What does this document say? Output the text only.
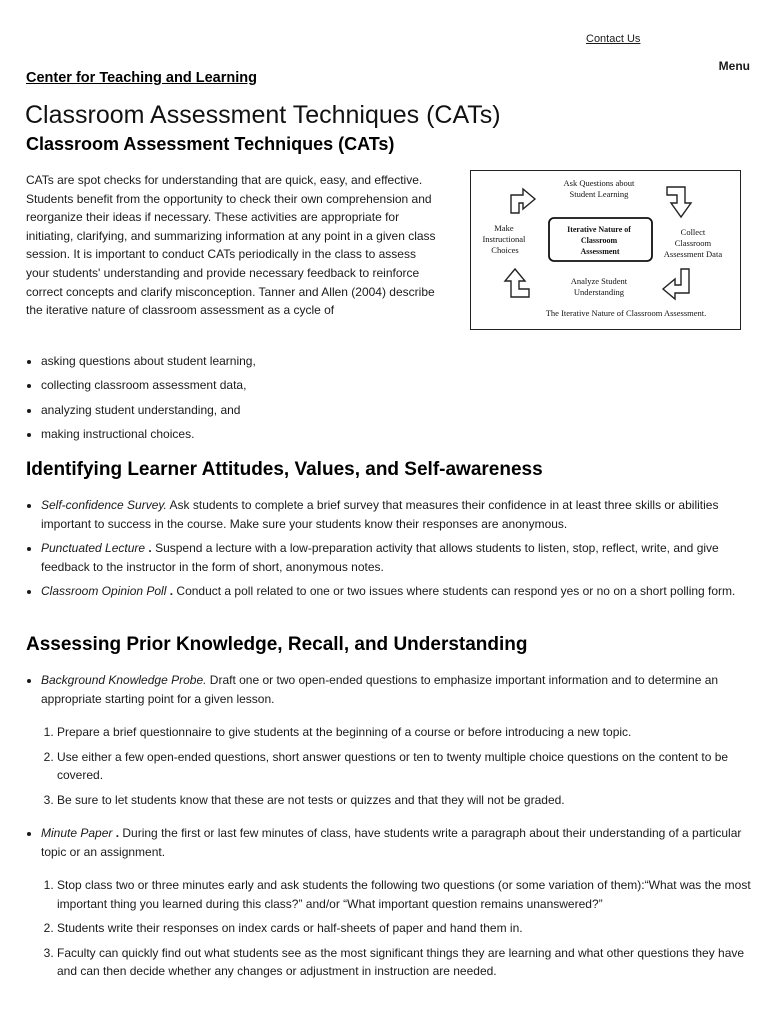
Contact Us
Menu
Center for Teaching and Learning
Classroom Assessment Techniques (CATs)
Classroom Assessment Techniques (CATs)

CATs are spot checks for understanding that are quick, easy, and effective. Students benefit from the opportunity to check their own comprehension and reorganize their ideas if necessary. These activities are appropriate for initiating, clarifying, and summarizing information at any point in a given class session. It is important to conduct CATs periodically in the class to assess your students' understanding and provide necessary feedback to reinforce correct concepts and clarify misconception. Tanner and Allen (2004) describe the iterative nature of classroom assessment as a cycle of

Iterative Nature of Classroom Assessment
Ask Questions about Student Learning Collect Classroom Assessment Data Analyze Student Understanding Make Instructional Choices
The Iterative Nature of Classroom Assessment.
• asking questions about student learning,
• collecting classroom assessment data,
• analyzing student understanding, and
• making instructional choices.
Identifying Learner Attitudes, Values, and Self-awareness
• Self-confidence Survey. Ask students to complete a brief survey that measures their confidence in at least three skills or abilities important to success in the course. Make sure your students know their responses are anonymous.
• Punctuated Lecture . Suspend a lecture with a low-preparation activity that allows students to listen, stop, reflect, write, and give feedback to the instructor in the form of short, anonymous notes.
• Classroom Opinion Poll . Conduct a poll related to one or two issues where students can respond yes or no on a short polling form.
Assessing Prior Knowledge, Recall, and Understanding
• Background Knowledge Probe. Draft one or two open-ended questions to emphasize important information and to determine an appropriate starting point for a given lesson.
1. Prepare a brief questionnaire to give students at the beginning of a course or before introducing a new topic.
2. Use either a few open-ended questions, short answer questions or ten to twenty multiple choice questions on the content to be covered.
3. Be sure to let students know that these are not tests or quizzes and that they will not be graded.
• Minute Paper . During the first or last few minutes of class, have students write a paragraph about their understanding of a particular topic or an assignment.
1. Stop class two or three minutes early and ask students the following two questions (or some variation of them):“What was the most important thing you learned during this class?” and/or “What important question remains unanswered?”
2. Students write their responses on index cards or half-sheets of paper and hand them in.
3. Faculty can quickly find out what students see as the most significant things they are learning and what other questions they have and can then decide whether any changes or adjustment in instruction are needed.
